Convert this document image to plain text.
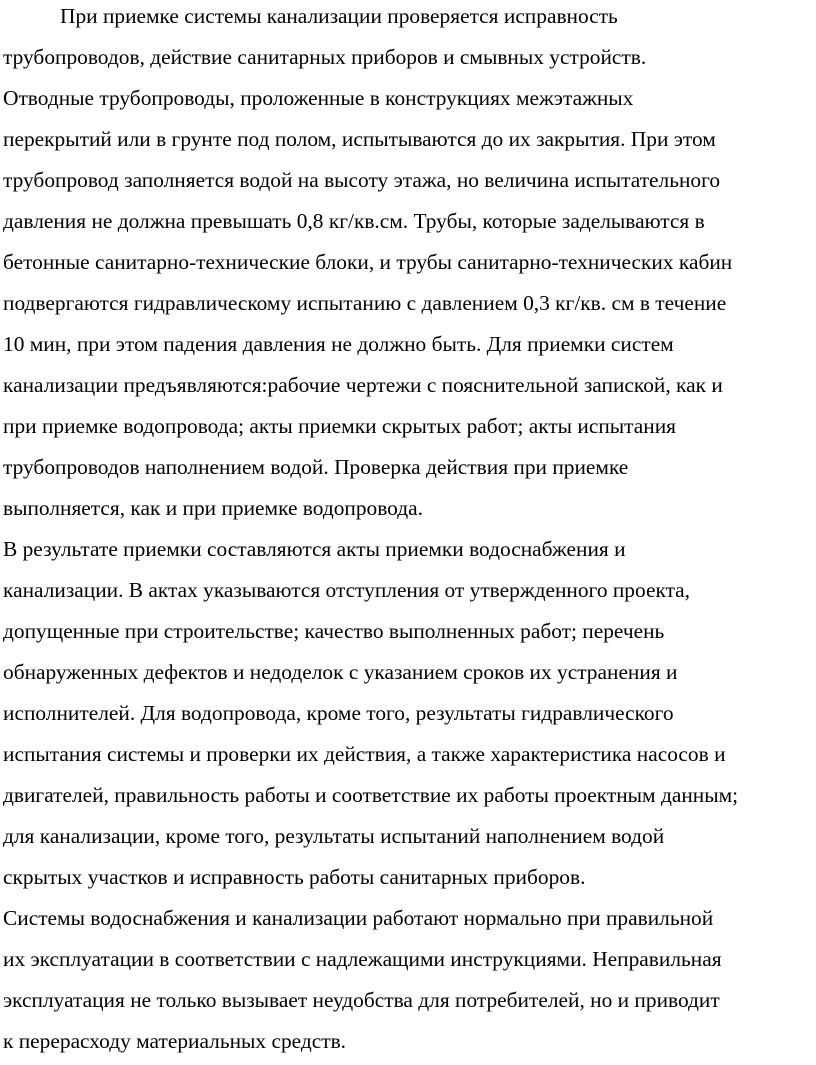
При приемке системы канализации проверяется исправность
трубопроводов, действие санитарных приборов и смывных устройств.
Отводные трубопроводы, проложенные в конструкциях межэтажных
перекрытий или в грунте под полом, испытываются до их закрытия. При этом
трубопровод заполняется водой на высоту этажа, но величина испытательного
давления не должна превышать 0,8 кг/кв.см. Трубы, которые заделываются в
бетонные санитарно-технические блоки, и трубы санитарно-технических кабин
подвергаются гидравлическому испытанию с давлением 0,3 кг/кв. см в течение
10 мин, при этом падения давления не должно быть. Для приемки систем
канализации предъявляются:рабочие чертежи с пояснительной запиской, как и
при приемке водопровода; акты приемки скрытых работ; акты испытания
трубопроводов наполнением водой. Проверка действия при приемке
выполняется, как и при приемке водопровода.
В результате приемки составляются акты приемки водоснабжения и
канализации. В актах указываются отступления от утвержденного проекта,
допущенные при строительстве; качество выполненных работ; перечень
обнаруженных дефектов и недоделок с указанием сроков их устранения и
исполнителей. Для водопровода, кроме того, результаты гидравлического
испытания системы и проверки их действия, а также характеристика насосов и
двигателей, правильность работы и соответствие их работы проектным данным;
для канализации, кроме того, результаты испытаний наполнением водой
скрытых участков и исправность работы санитарных приборов.
Системы водоснабжения и канализации работают нормально при правильной
их эксплуатации в соответствии с надлежащими инструкциями. Неправильная
эксплуатация не только вызывает неудобства для потребителей, но и приводит
к перерасходу материальных средств.
